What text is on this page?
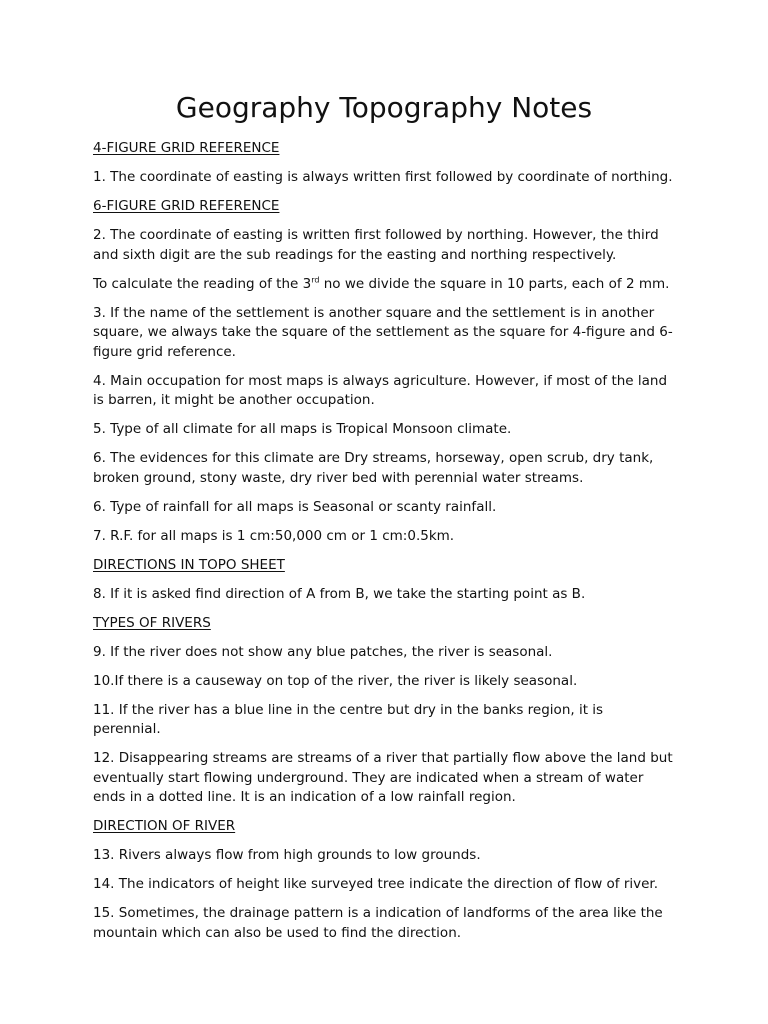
Geography Topography Notes

4-FIGURE GRID REFERENCE

1. The coordinate of easting is always written first followed by coordinate of northing.

6-FIGURE GRID REFERENCE

2. The coordinate of easting is written first followed by northing. However, the third and sixth digit are the sub readings for the easting and northing respectively.

To calculate the reading of the 3rd no we divide the square in 10 parts, each of 2 mm.

3. If the name of the settlement is another square and the settlement is in another square, we always take the square of the settlement as the square for 4-figure and 6-figure grid reference.

4. Main occupation for most maps is always agriculture. However, if most of the land is barren, it might be another occupation.

5. Type of all climate for all maps is Tropical Monsoon climate.

6. The evidences for this climate are Dry streams, horseway, open scrub, dry tank, broken ground, stony waste, dry river bed with perennial water streams.

6. Type of rainfall for all maps is Seasonal or scanty rainfall.

7. R.F. for all maps is 1 cm:50,000 cm or 1 cm:0.5km.

DIRECTIONS IN TOPO SHEET

8. If it is asked find direction of A from B, we take the starting point as B.

TYPES OF RIVERS

9. If the river does not show any blue patches, the river is seasonal.

10.If there is a causeway on top of the river, the river is likely seasonal.

11. If the river has a blue line in the centre but dry in the banks region, it is perennial.

12. Disappearing streams are streams of a river that partially flow above the land but eventually start flowing underground. They are indicated when a stream of water ends in a dotted line. It is an indication of a low rainfall region.

DIRECTION OF RIVER

13. Rivers always flow from high grounds to low grounds.

14. The indicators of height like surveyed tree indicate the direction of flow of river.

15. Sometimes, the drainage pattern is a indication of landforms of the area like the mountain which can also be used to find the direction.
